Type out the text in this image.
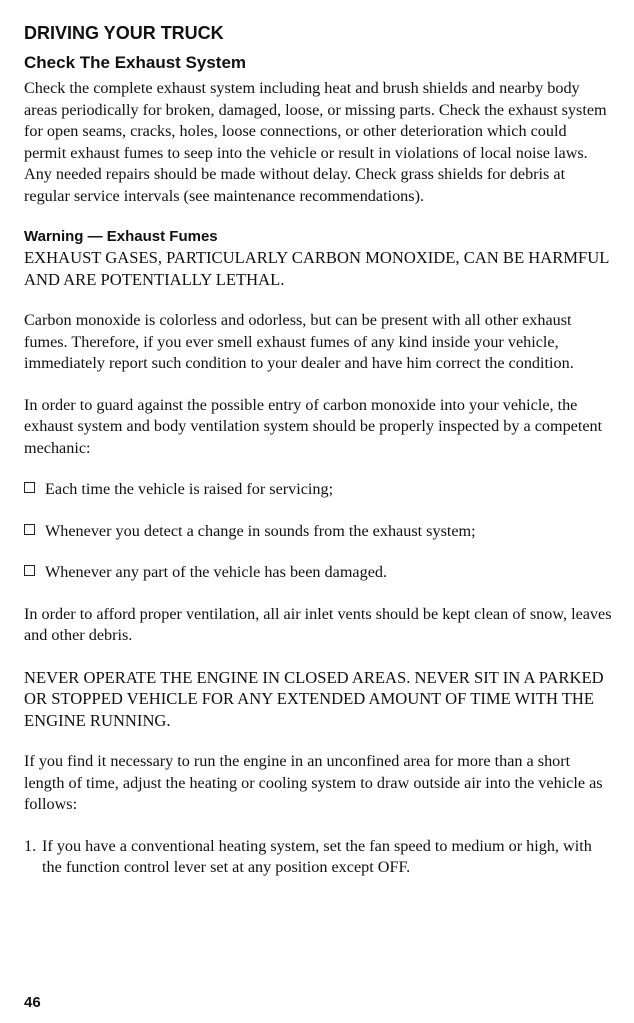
DRIVING YOUR TRUCK
Check The Exhaust System

Check the complete exhaust system including heat and brush shields and nearby body areas periodically for broken, damaged, loose, or missing parts. Check the exhaust system for open seams, cracks, holes, loose connections, or other deterioration which could permit exhaust fumes to seep into the vehicle or result in violations of local noise laws. Any needed repairs should be made without delay. Check grass shields for debris at regular service intervals (see maintenance recommendations).

Warning — Exhaust Fumes

EXHAUST GASES, PARTICULARLY CARBON MONOXIDE, CAN BE HARMFUL AND ARE POTENTIALLY LETHAL.

Carbon monoxide is colorless and odorless, but can be present with all other exhaust fumes. Therefore, if you ever smell exhaust fumes of any kind inside your vehicle, immediately report such condition to your dealer and have him correct the condition.

In order to guard against the possible entry of carbon monoxide into your vehicle, the exhaust system and body ventilation system should be properly inspected by a competent mechanic:

Each time the vehicle is raised for servicing;

Whenever you detect a change in sounds from the exhaust system;

Whenever any part of the vehicle has been damaged.

In order to afford proper ventilation, all air inlet vents should be kept clean of snow, leaves and other debris.

NEVER OPERATE THE ENGINE IN CLOSED AREAS. NEVER SIT IN A PARKED OR STOPPED VEHICLE FOR ANY EXTENDED AMOUNT OF TIME WITH THE ENGINE RUNNING.

If you find it necessary to run the engine in an unconfined area for more than a short length of time, adjust the heating or cooling system to draw outside air into the vehicle as follows:

1. If you have a conventional heating system, set the fan speed to medium or high, with the function control lever set at any position except OFF.

46
